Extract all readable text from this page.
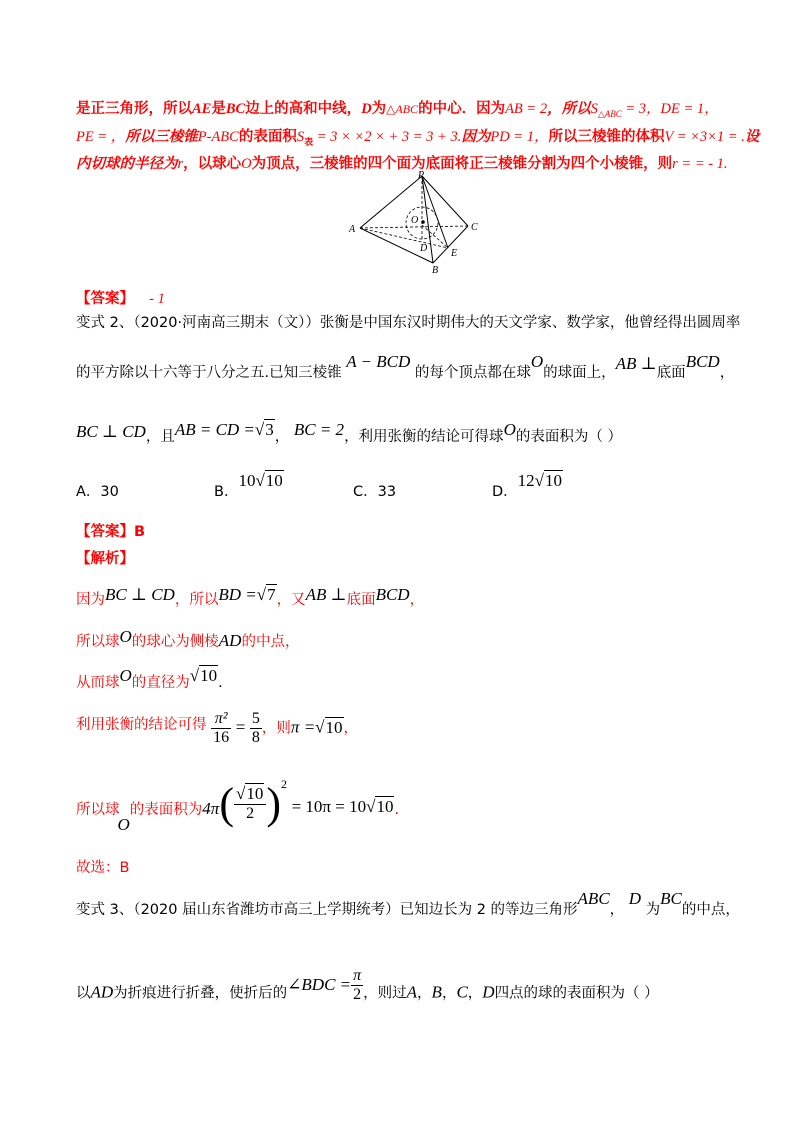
是正三角形，所以AE是BC边上的高和中线，D为△ABC的中心．因为AB = 2，所以$S_{\triangle ABC} = 3$，DE = 1，
PE = ，所以三棱锥P-ABC的表面积$S_表 = 3 \times \times 2$ × + 3 = 3 + 3.因为PD = 1，所以三棱锥的体积V = ×3×1 = .设
内切球的半径为r，以球心O为顶点，三棱锥的四个面为底面将正三棱锥分割为四个小棱锥，则r = = - 1.
P
A	C
O
D E
B
【答案】 - 1
变式 2、（2020·河南高三期末（文））张衡是中国东汉时期伟大的天文学家、数学家，他曾经得出圆周率
的平方除以十六等于八分之五.已知三棱锥 A − BCD 的每个顶点都在球O的球面上，AB ⊥底面BCD，
BC ⊥ CD，且AB = CD =√3， BC = 2，利用张衡的结论可得球O的表面积为（ ）
A．30	B．10√10
C．33	D．12√10
【答案】B
【解析】
因为BC ⊥ CD，所以BD =√7，又AB ⊥底面BCD，
所以球O的球心为侧棱AD的中点，
从而球O的直径为√10.
利用张衡的结论可得 $\frac{\text{π²}}{16} = \frac{5}{8}$ ，则π =√10，
所以球O的表面积为$4\pi( \frac{√10}{2} )^2 = 10\pi = 10√10$.
故选：B
变式 3、（2020 届山东省潍坊市高三上学期统考）已知边长为 2 的等边三角形ABC， D 为BC的中点，
以AD为折痕进行折叠，使折后的∠BDC = $\frac{\pi}{2}$ ，则过A，B，C，D四点的球的表面积为（ ）
